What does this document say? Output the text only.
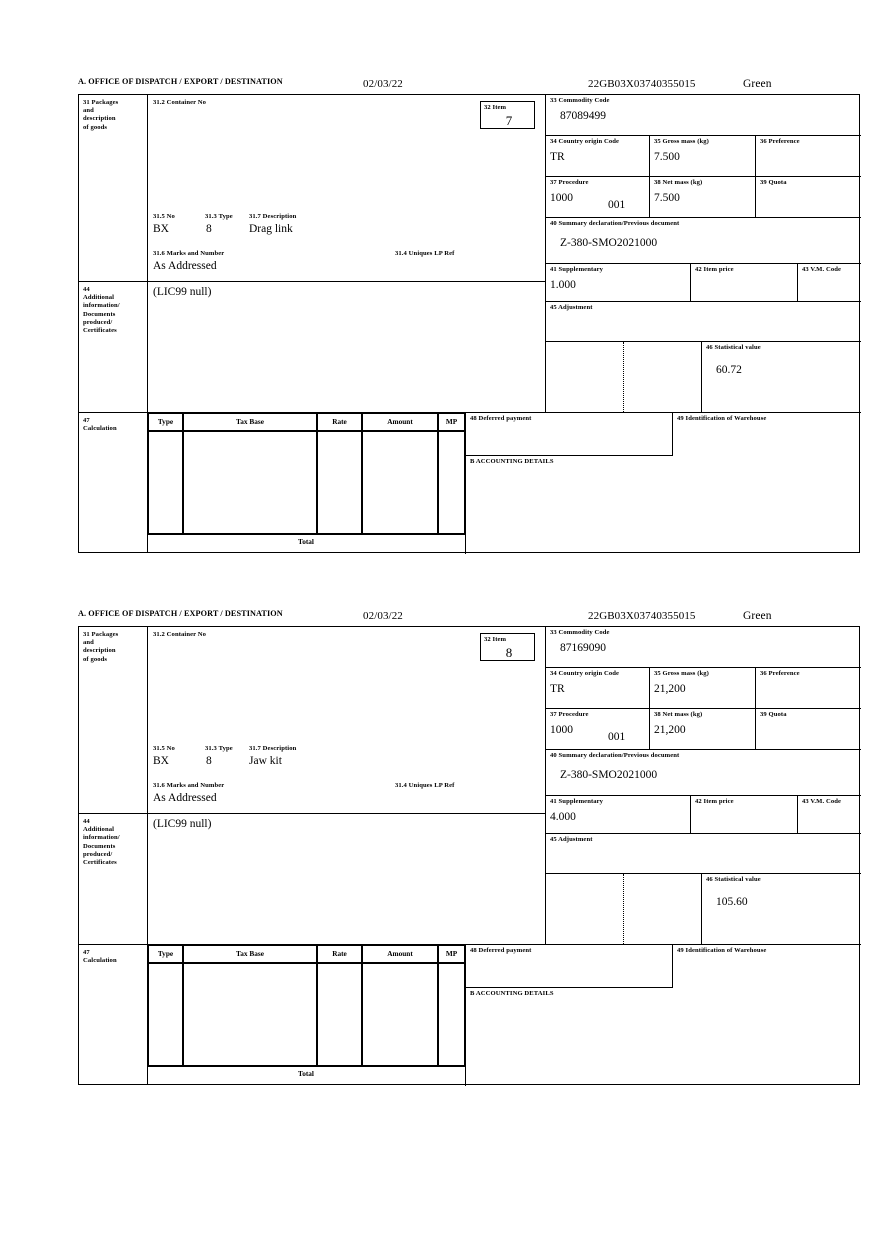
A. OFFICE OF DISPATCH / EXPORT / DESTINATION	02/03/22	22GB03X03740355015	Green
31 Packages
and
description
of goods
44
Additional
information/
Documents
produced/
Certificates
47
Calculation
31.2 Container No
31.5 No	31.3 Type 31.7 Description
BX	8	Drag link
31.6 Marks and Number	31.4 Uniques LP Ref
As Addressed
32 Item
7
(LIC99 null)
33 Commodity Code
87089499
34 Country origin Code
TR
35 Gross mass (kg)
7.500
36 Preference
37 Procedure
1000
001
38 Net mass (kg)
7.500
39 Quota
40 Summary declaration/Previous document
Z-380-SMO2021000
41 Supplementary
1.000
42 Item price	43 V.M. Code
45 Adjustment
46 Statistical value
60.72
Type	Tax Base	Rate	Amount	MP
Total
48 Deferred payment	49 Identification of Warehouse
B ACCOUNTING DETAILS
A. OFFICE OF DISPATCH / EXPORT / DESTINATION	02/03/22	22GB03X03740355015	Green
31 Packages
and
description
of goods
44
Additional
information/
Documents
produced/
Certificates
47
Calculation
31.2 Container No
31.5 No	31.3 Type 31.7 Description
BX	8	Jaw kit
31.6 Marks and Number	31.4 Uniques LP Ref
As Addressed
32 Item
8
(LIC99 null)
33 Commodity Code
87169090
34 Country origin Code
TR
35 Gross mass (kg)
21,200
36 Preference
37 Procedure
1000
001
38 Net mass (kg)
21,200
39 Quota
40 Summary declaration/Previous document
Z-380-SMO2021000
41 Supplementary
4.000
42 Item price	43 V.M. Code
45 Adjustment
46 Statistical value
105.60
Type	Tax Base	Rate	Amount	MP
Total
48 Deferred payment	49 Identification of Warehouse
B ACCOUNTING DETAILS
